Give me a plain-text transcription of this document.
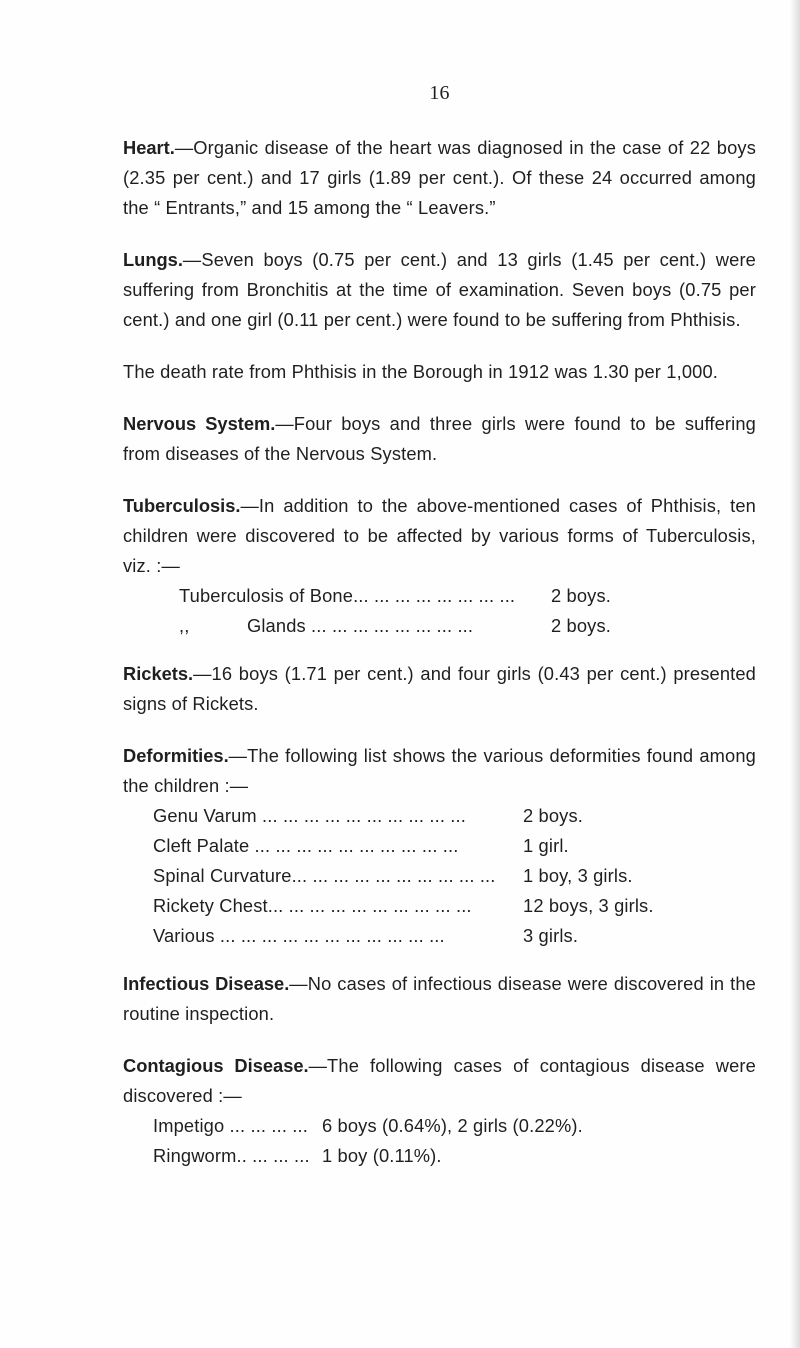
16

Heart.—Organic disease of the heart was diagnosed in the case of 22 boys (2.35 per cent.) and 17 girls (1.89 per cent.). Of these 24 occurred among the “ Entrants,” and 15 among the “ Leavers.”

Lungs.—Seven boys (0.75 per cent.) and 13 girls (1.45 per cent.) were suffering from Bronchitis at the time of examination. Seven boys (0.75 per cent.) and one girl (0.11 per cent.) were found to be suffering from Phthisis.

The death rate from Phthisis in the Borough in 1912 was 1.30 per 1,000.

Nervous System.—Four boys and three girls were found to be suffering from diseases of the Nervous System.

Tuberculosis.—In addition to the above-mentioned cases of Phthisis, ten children were discovered to be affected by various forms of Tuberculosis, viz. :—

Tuberculosis of Bone... ... ... ... ... ... ... ...	2 boys.
,,           Glands ... ... ... ... ... ... ... ...	2 boys.

Rickets.—16 boys (1.71 per cent.) and four girls (0.43 per cent.) presented signs of Rickets.

Deformities.—The following list shows the various deformities found among the children :—

Genu Varum ... ... ... ... ... ... ... ... ... ...	2 boys.
Cleft Palate ... ... ... ... ... ... ... ... ... ...	1 girl.
Spinal Curvature... ... ... ... ... ... ... ... ... ...	1 boy, 3 girls.
Rickety Chest... ... ... ... ... ... ... ... ... ...	12 boys, 3 girls.
Various ... ... ... ... ... ... ... ... ... ... ...	3 girls.

Infectious Disease.—No cases of infectious disease were discovered in the routine inspection.

Contagious Disease.—The following cases of contagious disease were discovered :—

Impetigo ... ... ... ... 6 boys (0.64%), 2 girls (0.22%).
Ringworm.. ... ... ... 1 boy (0.11%).
